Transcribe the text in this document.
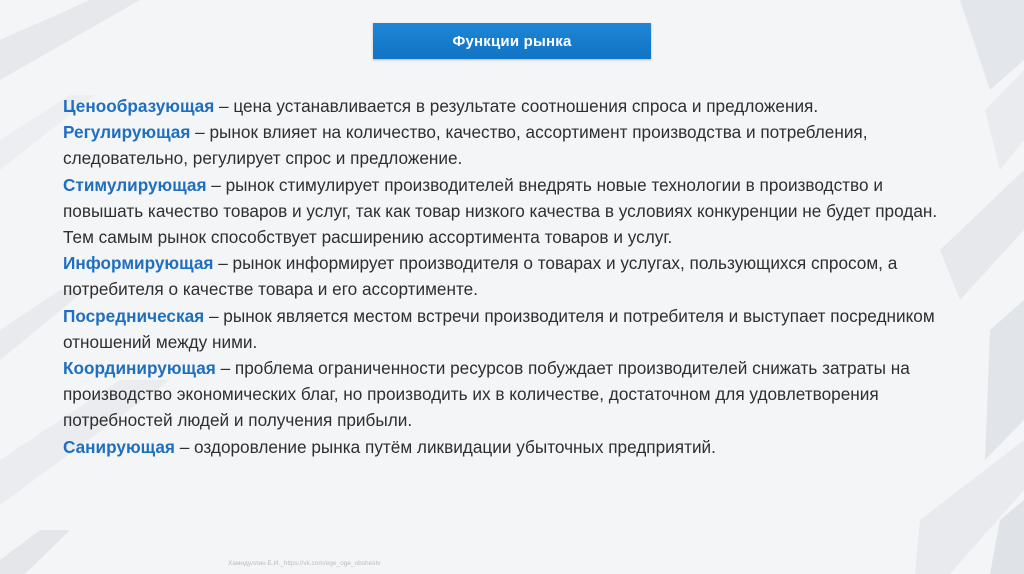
Функции рынка

Ценообразующая – цена устанавливается в результате соотношения спроса и предложения.

Регулирующая – рынок влияет на количество, качество, ассортимент производства и потребления, следовательно, регулирует спрос и предложение.

Стимулирующая – рынок стимулирует производителей внедрять новые технологии в производство и повышать качество товаров и услуг, так как товар низкого качества в условиях конкуренции не будет продан. Тем самым рынок способствует расширению ассортимента товаров и услуг.

Информирующая – рынок информирует производителя о товарах и услугах, пользующихся спросом, а потребителя о качестве товара и его ассортименте.

Посредническая – рынок является местом встречи производителя и потребителя и выступает посредником отношений между ними.

Координирующая – проблема ограниченности ресурсов побуждает производителей снижать затраты на производство экономических благ, но производить их в количестве, достаточном для удовлетворения потребностей людей и получения прибыли.

Санирующая – оздоровление рынка путём ликвидации убыточных предприятий.

Хамидуллин Б.И._https://vk.com/ege_oge_obshestv
